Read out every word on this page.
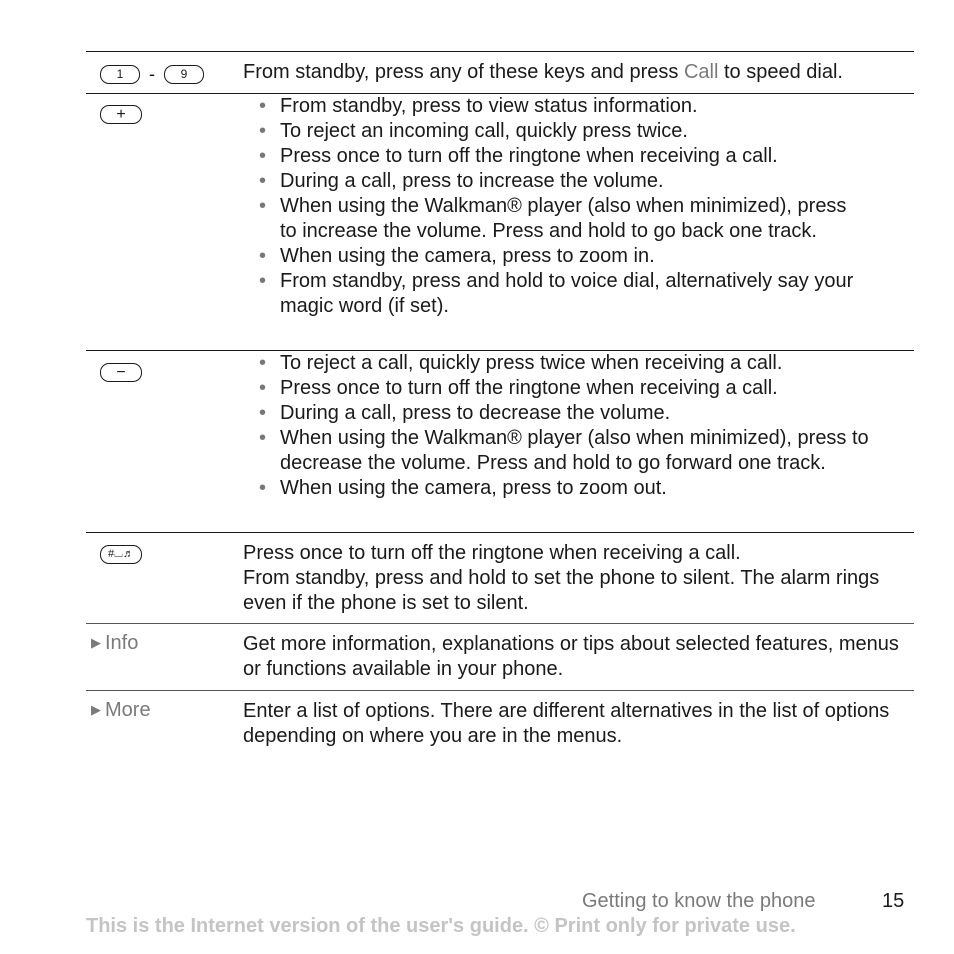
1 - 9	From standby, press any of these keys and press Call to speed dial.
+	• From standby, press to view status information.
• To reject an incoming call, quickly press twice.
• Press once to turn off the ringtone when receiving a call.
• During a call, press to increase the volume.
• When using the Walkman® player (also when minimized), press to increase the volume. Press and hold to go back one track.
• When using the camera, press to zoom in.
• From standby, press and hold to voice dial, alternatively say your magic word (if set).
−	• To reject a call, quickly press twice when receiving a call.
• Press once to turn off the ringtone when receiving a call.
• During a call, press to decrease the volume.
• When using the Walkman® player (also when minimized), press to decrease the volume. Press and hold to go forward one track.
• When using the camera, press to zoom out.
#⌴♬	Press once to turn off the ringtone when receiving a call.
From standby, press and hold to set the phone to silent. The alarm rings even if the phone is set to silent.
▶ Info	Get more information, explanations or tips about selected features, menus or functions available in your phone.
▶ More	Enter a list of options. There are different alternatives in the list of options depending on where you are in the menus.
Getting to know the phone	15
This is the Internet version of the user's guide. © Print only for private use.
